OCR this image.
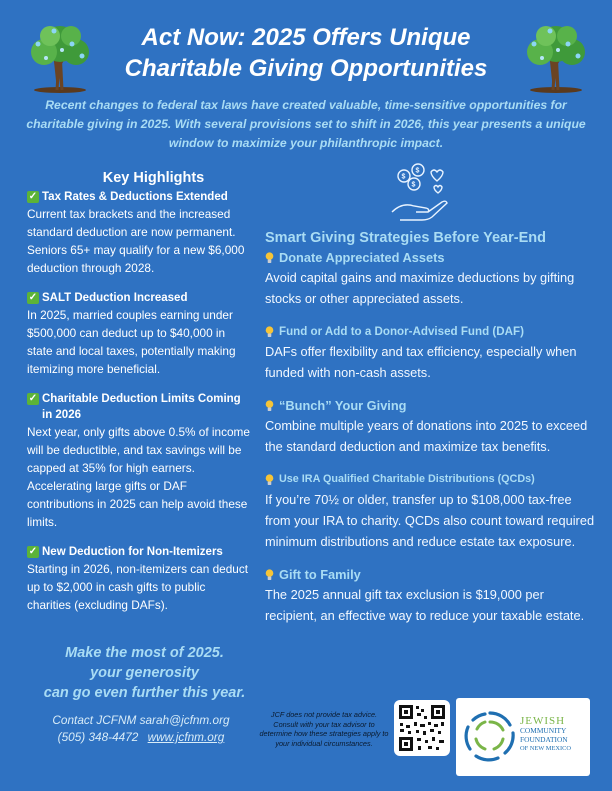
Act Now: 2025 Offers Unique
Charitable Giving Opportunities
Recent changes to federal tax laws have created valuable, time-sensitive opportunities for charitable giving in 2025. With several provisions set to shift in 2026, this year presents a unique window to maximize your philanthropic impact.
Key Highlights
✓ Tax Rates & Deductions Extended
Current tax brackets and the increased standard deduction are now permanent. Seniors 65+ may qualify for a new $6,000 deduction through 2028.
✓ SALT Deduction Increased
In 2025, married couples earning under $500,000 can deduct up to $40,000 in state and local taxes, potentially making itemizing more beneficial.
✓ Charitable Deduction Limits Coming in 2026
Next year, only gifts above 0.5% of income will be deductible, and tax savings will be capped at 35% for high earners. Accelerating large gifts or DAF contributions in 2025 can help avoid these limits.
✓ New Deduction for Non-Itemizers
Starting in 2026, non-itemizers can deduct up to $2,000 in cash gifts to public charities (excluding DAFs).
Make the most of 2025.
your generosity
can go even further this year.
Contact JCFNM sarah@jcfnm.org
(505) 348-4472 www.jcfnm.org
$
$
$
Smart Giving Strategies Before Year-End
Donate Appreciated Assets
Avoid capital gains and maximize deductions by gifting stocks or other appreciated assets.
Fund or Add to a Donor-Advised Fund (DAF)
DAFs offer flexibility and tax efficiency, especially when funded with non-cash assets.
“Bunch” Your Giving
Combine multiple years of donations into 2025 to exceed the standard deduction and maximize tax benefits.
Use IRA Qualified Charitable Distributions (QCDs)
If you’re 70½ or older, transfer up to $108,000 tax-free from your IRA to charity. QCDs also count toward required minimum distributions and reduce estate tax exposure.
Gift to Family
The 2025 annual gift tax exclusion is $19,000 per recipient, an effective way to reduce your taxable estate.
JCF does not provide tax advice. Consult with your tax advisor to determine how these strategies apply to your individual circumstances.
JEWISH
COMMUNITY
FOUNDATION
OF NEW MEXICO
